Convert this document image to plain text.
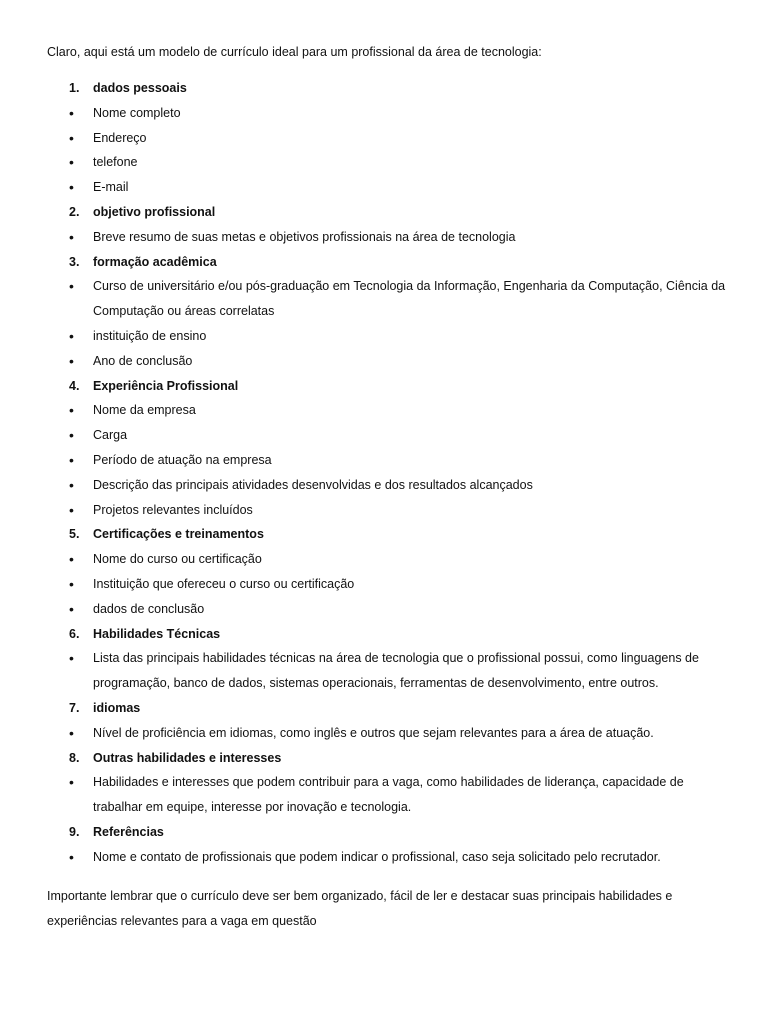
Claro, aqui está um modelo de currículo ideal para um profissional da área de tecnologia:

1.	dados pessoais
•	Nome completo
•	Endereço
•	telefone
•	E-mail
2.	objetivo profissional
•	Breve resumo de suas metas e objetivos profissionais na área de tecnologia
3.	formação acadêmica
•	Curso de universitário e/ou pós-graduação em Tecnologia da Informação, Engenharia da Computação, Ciência da Computação ou áreas correlatas
•	instituição de ensino
•	Ano de conclusão
4.	Experiência Profissional
•	Nome da empresa
•	Carga
•	Período de atuação na empresa
•	Descrição das principais atividades desenvolvidas e dos resultados alcançados
•	Projetos relevantes incluídos
5.	Certificações e treinamentos
•	Nome do curso ou certificação
•	Instituição que ofereceu o curso ou certificação
•	dados de conclusão
6.	Habilidades Técnicas
•	Lista das principais habilidades técnicas na área de tecnologia que o profissional possui, como linguagens de programação, banco de dados, sistemas operacionais, ferramentas de desenvolvimento, entre outros.
7.	idiomas
•	Nível de proficiência em idiomas, como inglês e outros que sejam relevantes para a área de atuação.
8.	Outras habilidades e interesses
•	Habilidades e interesses que podem contribuir para a vaga, como habilidades de liderança, capacidade de trabalhar em equipe, interesse por inovação e tecnologia.
9.	Referências
•	Nome e contato de profissionais que podem indicar o profissional, caso seja solicitado pelo recrutador.

Importante lembrar que o currículo deve ser bem organizado, fácil de ler e destacar suas principais habilidades e experiências relevantes para a vaga em questão
